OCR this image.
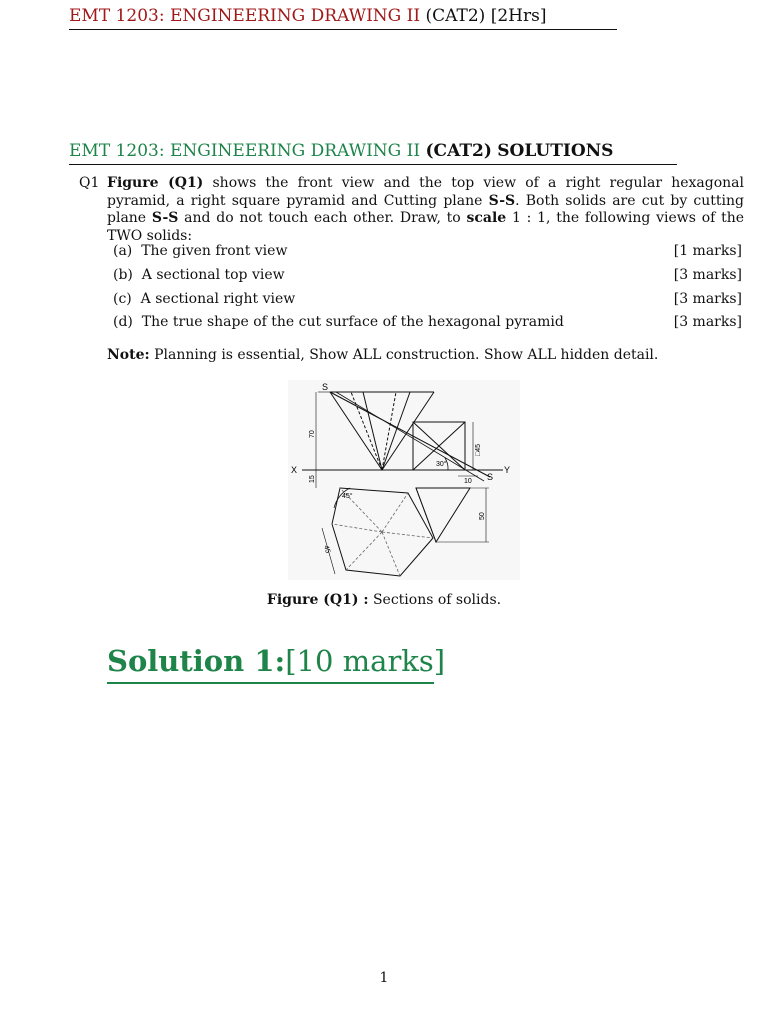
EMT 1203: ENGINEERING DRAWING II (CAT2) [2Hrs]
EMT 1203: ENGINEERING DRAWING II (CAT2) SOLUTIONS
Q1 Figure (Q1) shows the front view and the top view of a right regular hexagonal pyramid, a right square pyramid and Cutting plane S-S. Both solids are cut by cutting plane S-S and do not touch each other. Draw, to scale 1 : 1, the following views of the TWO solids:
(a) The given front view	[1 marks]
(b) A sectional top view	[3 marks]
(c) A sectional right view	[3 marks]
(d) The true shape of the cut surface of the hexagonal pyramid	[3 marks]
Note: Planning is essential, Show ALL construction. Show ALL hidden detail.
S
S
X	Y
70
15
□45
30°
10
50
45°
45
Figure (Q1) : Sections of solids.
Solution 1:[10 marks]
1
